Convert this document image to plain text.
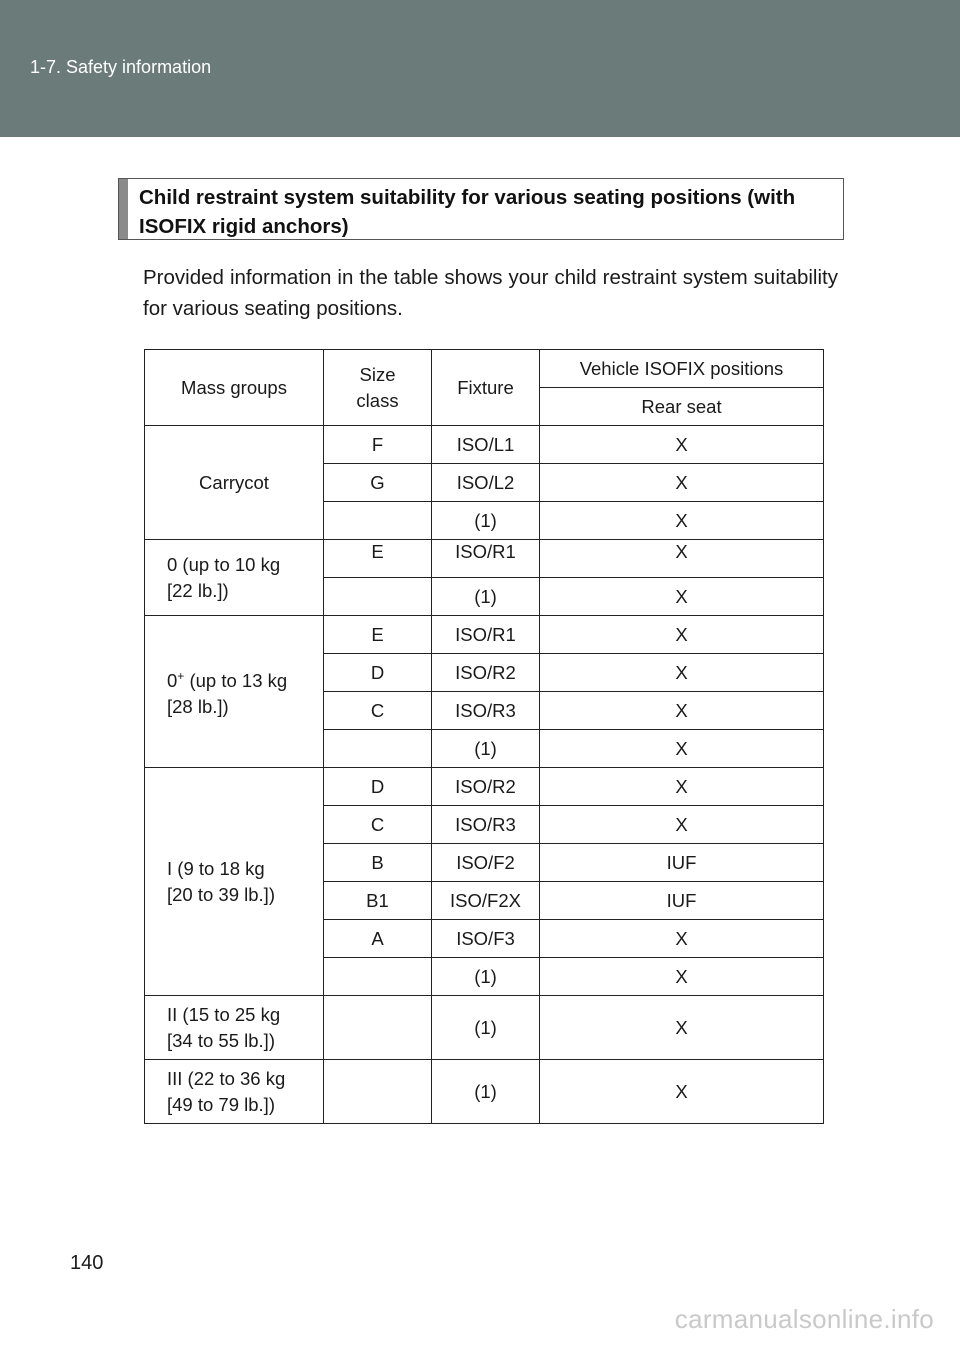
1-7. Safety information
Child restraint system suitability for various seating positions (with ISOFIX rigid anchors)
Provided information in the table shows your child restraint system suitability for various seating positions.
Mass groups	Size class	Fixture	Vehicle ISOFIX positions
			Rear seat
Carrycot	F	ISO/L1	X
	G	ISO/L2	X
		(1)	X
0 (up to 10 kg
[22 lb.])	E	ISO/R1	X
		(1)	X
0+ (up to 13 kg
[28 lb.])	E	ISO/R1	X
	D	ISO/R2	X
	C	ISO/R3	X
		(1)	X
I (9 to 18 kg
[20 to 39 lb.])	D	ISO/R2	X
	C	ISO/R3	X
	B	ISO/F2	IUF
	B1	ISO/F2X	IUF
	A	ISO/F3	X
		(1)	X
II (15 to 25 kg
[34 to 55 lb.])		(1)	X
III (22 to 36 kg
[49 to 79 lb.])		(1)	X
140
carmanualsonline.info
